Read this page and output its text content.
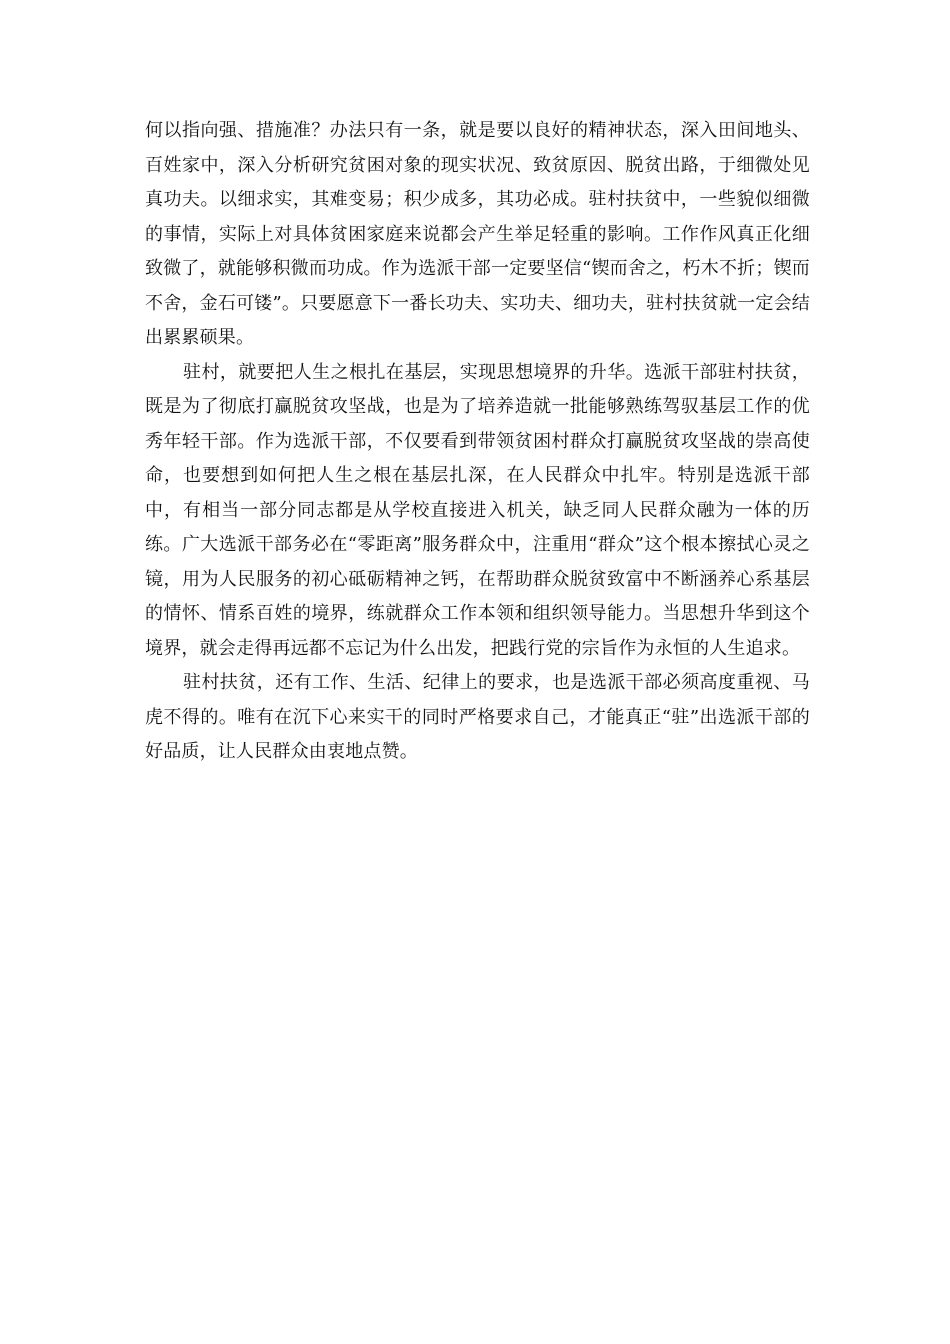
何以指向强、措施准？办法只有一条，就是要以良好的精神状态，深入田间地头、百姓家中，深入分析研究贫困对象的现实状况、致贫原因、脱贫出路，于细微处见真功夫。以细求实，其难变易；积少成多，其功必成。驻村扶贫中，一些貌似细微的事情，实际上对具体贫困家庭来说都会产生举足轻重的影响。工作作风真正化细致微了，就能够积微而功成。作为选派干部一定要坚信“锲而舍之，朽木不折；锲而不舍，金石可镂”。只要愿意下一番长功夫、实功夫、细功夫，驻村扶贫就一定会结出累累硕果。

驻村，就要把人生之根扎在基层，实现思想境界的升华。选派干部驻村扶贫，既是为了彻底打赢脱贫攻坚战，也是为了培养造就一批能够熟练驾驭基层工作的优秀年轻干部。作为选派干部，不仅要看到带领贫困村群众打赢脱贫攻坚战的崇高使命，也要想到如何把人生之根在基层扎深，在人民群众中扎牢。特别是选派干部中，有相当一部分同志都是从学校直接进入机关，缺乏同人民群众融为一体的历练。广大选派干部务必在“零距离”服务群众中，注重用“群众”这个根本擦拭心灵之镜，用为人民服务的初心砥砺精神之钙，在帮助群众脱贫致富中不断涵养心系基层的情怀、情系百姓的境界，练就群众工作本领和组织领导能力。当思想升华到这个境界，就会走得再远都不忘记为什么出发，把践行党的宗旨作为永恒的人生追求。

驻村扶贫，还有工作、生活、纪律上的要求，也是选派干部必须高度重视、马虎不得的。唯有在沉下心来实干的同时严格要求自己，才能真正“驻”出选派干部的好品质，让人民群众由衷地点赞。
